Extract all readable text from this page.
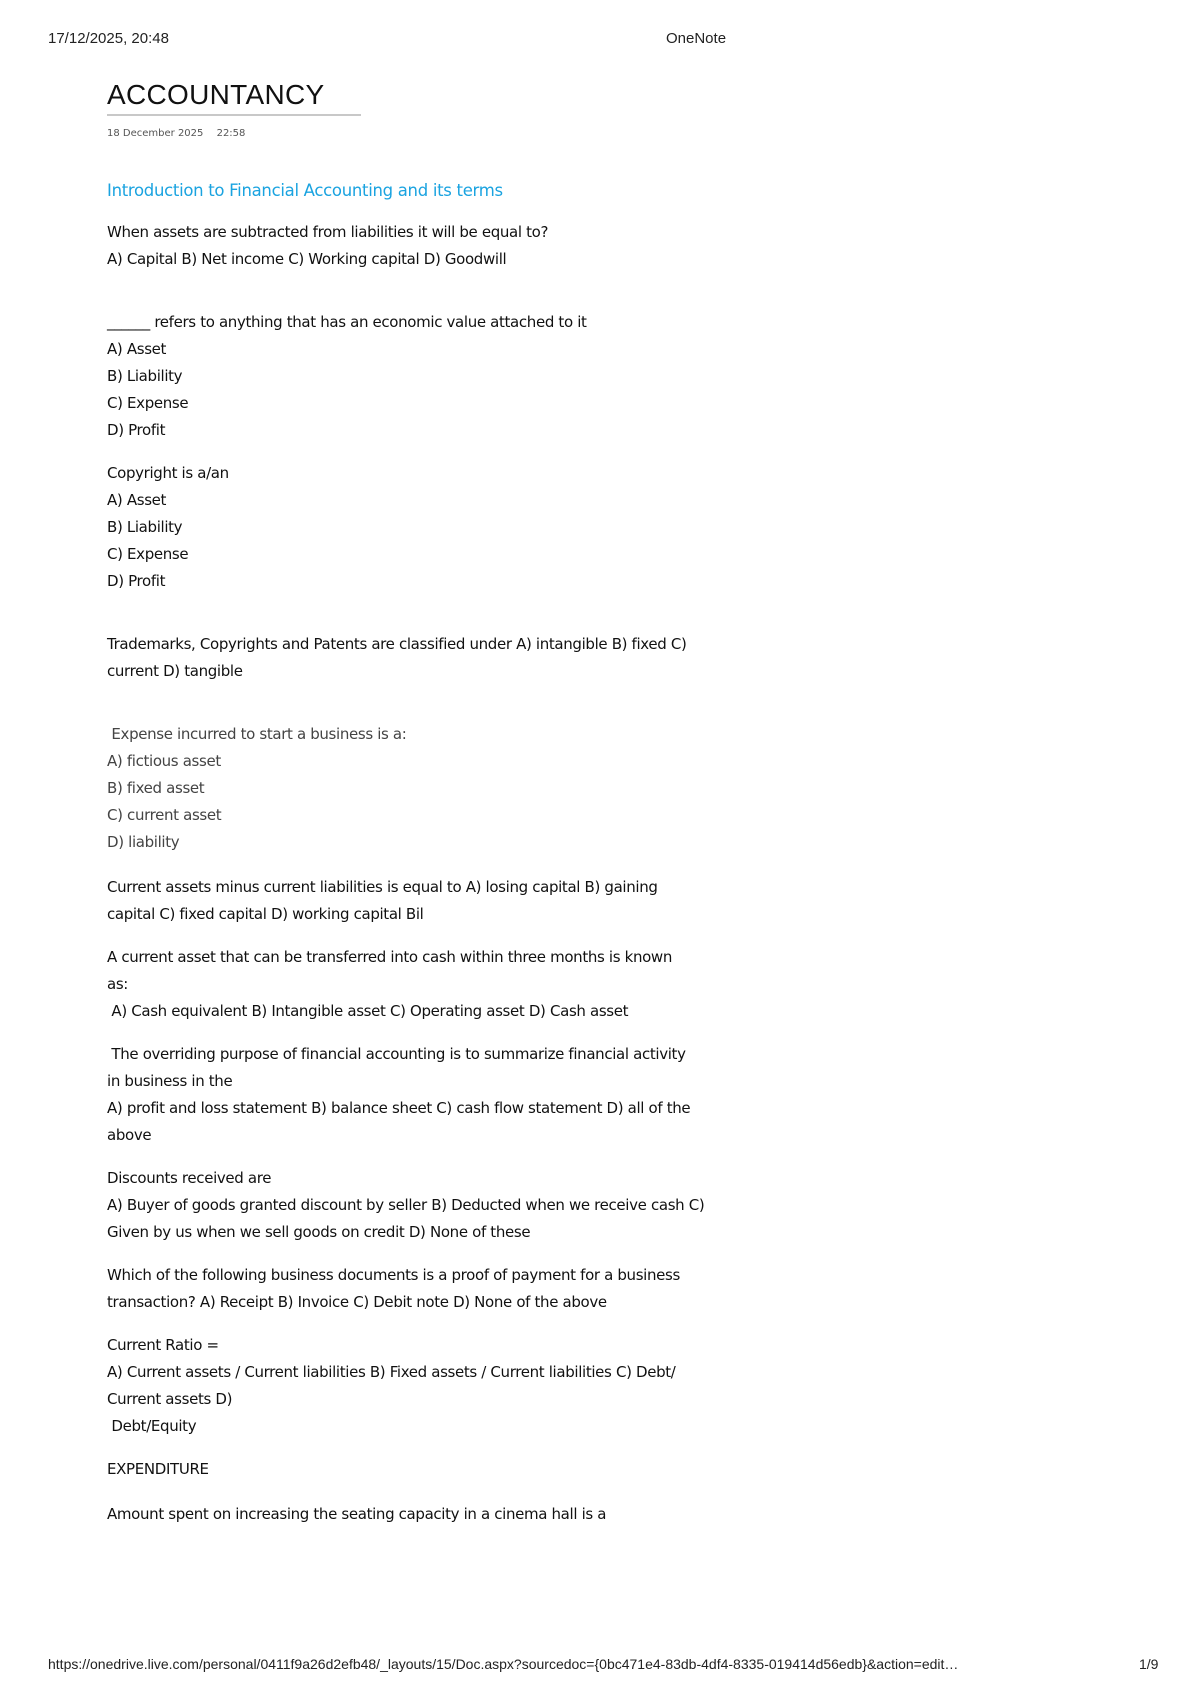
17/12/2025, 20:48	OneNote
ACCOUNTANCY
18 December 2025 22:58
Introduction to Financial Accounting and its terms

When assets are subtracted from liabilities it will be equal to?

A) Capital B) Net income C) Working capital D) Goodwill

______ refers to anything that has an economic value attached to it

A) Asset

B) Liability

C) Expense

D) Profit

Copyright is a/an

A) Asset

B) Liability

C) Expense

D) Profit

Trademarks, Copyrights and Patents are classified under A) intangible B) fixed C)

current D) tangible

Expense incurred to start a business is a:

A) fictious asset

B) fixed asset

C) current asset

D) liability

Current assets minus current liabilities is equal to A) losing capital B) gaining

capital C) fixed capital D) working capital Bil

A current asset that can be transferred into cash within three months is known

as:

A) Cash equivalent B) Intangible asset C) Operating asset D) Cash asset

The overriding purpose of financial accounting is to summarize financial activity

in business in the

A) profit and loss statement B) balance sheet C) cash flow statement D) all of the

above

Discounts received are

A) Buyer of goods granted discount by seller B) Deducted when we receive cash C)

Given by us when we sell goods on credit D) None of these

Which of the following business documents is a proof of payment for a business

transaction? A) Receipt B) Invoice C) Debit note D) None of the above

Current Ratio =

A) Current assets / Current liabilities B) Fixed assets / Current liabilities C) Debt/

Current assets D)

Debt/Equity

EXPENDITURE

Amount spent on increasing the seating capacity in a cinema hall is a

https://onedrive.live.com/personal/0411f9a26d2efb48/_layouts/15/Doc.aspx?sourcedoc={0bc471e4-83db-4df4-8335-019414d56edb}&action=edit…	1/9
